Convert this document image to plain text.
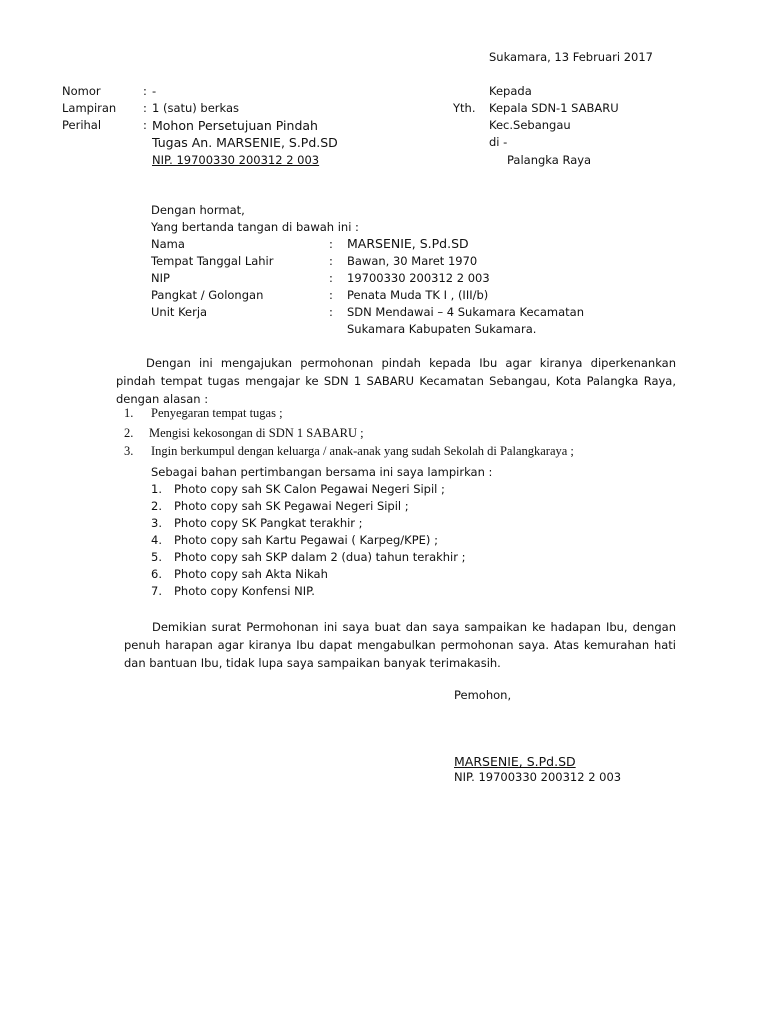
Sukamara, 13 Februari 2017
Nomor	: -
Lampiran : 1 (satu) berkas
Perihal	: Mohon Persetujuan Pindah
Tugas An. MARSENIE, S.Pd.SD
NIP. 19700330 200312 2 003
Kepada
Yth. Kepala SDN-1 SABARU
Kec.Sebangau
di -
Palangka Raya
Dengan hormat,
Yang bertanda tangan di bawah ini :
Nama	: MARSENIE, S.Pd.SD
Tempat Tanggal Lahir	: Bawan, 30 Maret 1970
NIP	: 19700330 200312 2 003
Pangkat / Golongan	: Penata Muda TK I , (III/b)
Unit Kerja	: SDN Mendawai – 4 Sukamara Kecamatan
Sukamara Kabupaten Sukamara.

Dengan ini mengajukan permohonan pindah kepada Ibu agar kiranya diperkenankan pindah tempat tugas mengajar ke SDN 1 SABARU Kecamatan Sebangau, Kota Palangka Raya, dengan alasan :

1. Penyegaran tempat tugas ;
2. Mengisi kekosongan di SDN 1 SABARU ;
3. Ingin berkumpul dengan keluarga / anak-anak yang sudah Sekolah di Palangkaraya ;
Sebagai bahan pertimbangan bersama ini saya lampirkan :
1. Photo copy sah SK Calon Pegawai Negeri Sipil ;
2. Photo copy sah SK Pegawai Negeri Sipil ;
3. Photo copy SK Pangkat terakhir ;
4. Photo copy sah Kartu Pegawai ( Karpeg/KPE) ;
5. Photo copy sah SKP dalam 2 (dua) tahun terakhir ;
6. Photo copy sah Akta Nikah
7. Photo copy Konfensi NIP.

Demikian surat Permohonan ini saya buat dan saya sampaikan ke hadapan Ibu, dengan penuh harapan agar kiranya Ibu dapat mengabulkan permohonan saya. Atas kemurahan hati dan bantuan Ibu, tidak lupa saya sampaikan banyak terimakasih.

Pemohon,
MARSENIE, S.Pd.SD
NIP. 19700330 200312 2 003
